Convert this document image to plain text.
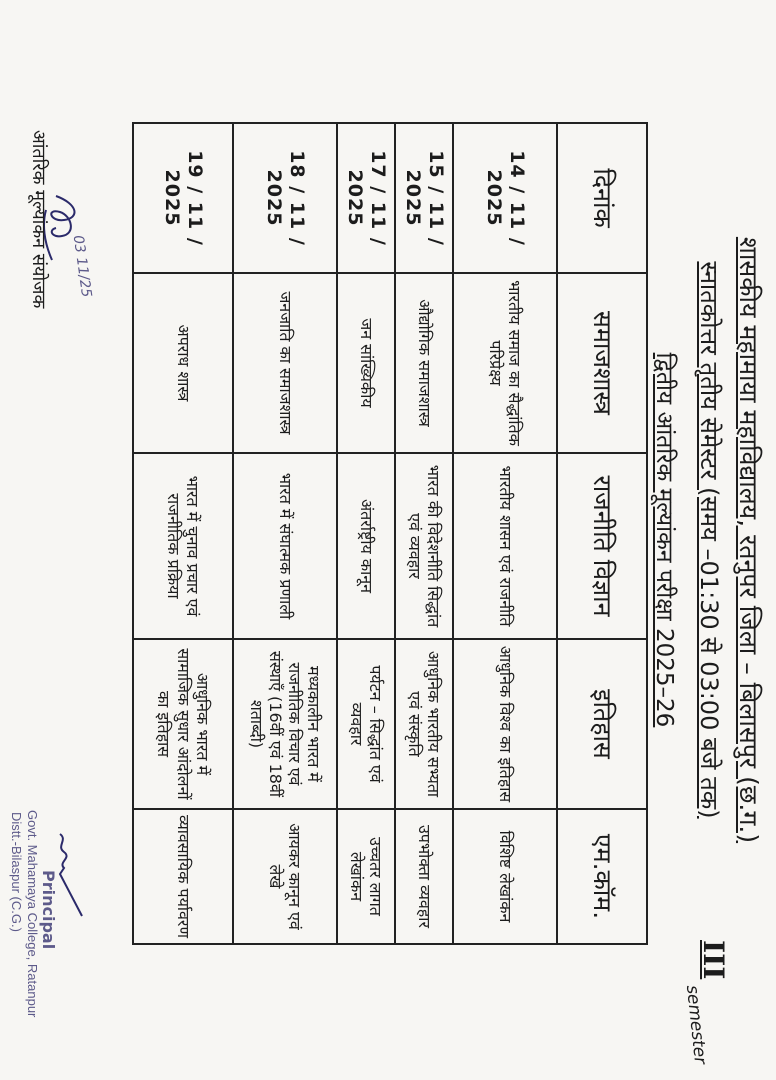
शासकीय महामाया महाविद्यालय, रतनुपर जिला – बिलासपुर (छ.ग.)
स्नातकोत्तर तृतीय सेमेस्टर (समय –01:30 से 03:00 बजे तक)
III
semester
द्वितीय आंतरिक मूल्यांकन परीक्षा 2025–26
दिनांक	समाजशास्त्र	राजनीति विज्ञान	इतिहास	एम.कॉम.
14 / 11 / 2025	भारतीय समाज का सैद्धांतिक परिप्रेक्ष्य	भारतीय शासन एवं राजनीति	आधुनिक विश्व का इतिहास	विशिष्ट लेखांकन
15 / 11 / 2025	औद्योगिक समाजशास्त्र	भारत की विदेशनीति सिद्धांत एवं व्यवहार	आधुनिक भारतीय सभ्यता एवं संस्कृति	उपभोक्ता व्यवहार
17 / 11 / 2025	जन सांख्यिकीय	अंतर्राष्ट्रीय कानून	पर्यटन – सिद्धांत एवं व्यवहार	उच्चतर लागत लेखांकन
18 / 11 / 2025	जनजाति का समाजशास्त्र	भारत में संघात्मक प्रणाली	मध्यकालीन भारत में राजनीतिक विचार एवं संस्थाएँ (16वीं एवं 18वीं शताब्दी)	आयकर कानून एवं लेखे
19 / 11 / 2025	अपराध शास्त्र	भारत में चुनाव प्रचार एवं राजनीतिक प्रक्रिया	आधुनिक भारत में सामाजिक सुधार आंदोलनों का इतिहास	व्यावसायिक पर्यावरण
03 11/25
आंतरिक मूल्यांकन संयोजक
Principal
Govt. Mahamaya College, Ratanpur
Distt.-Bilaspur (C.G.)
